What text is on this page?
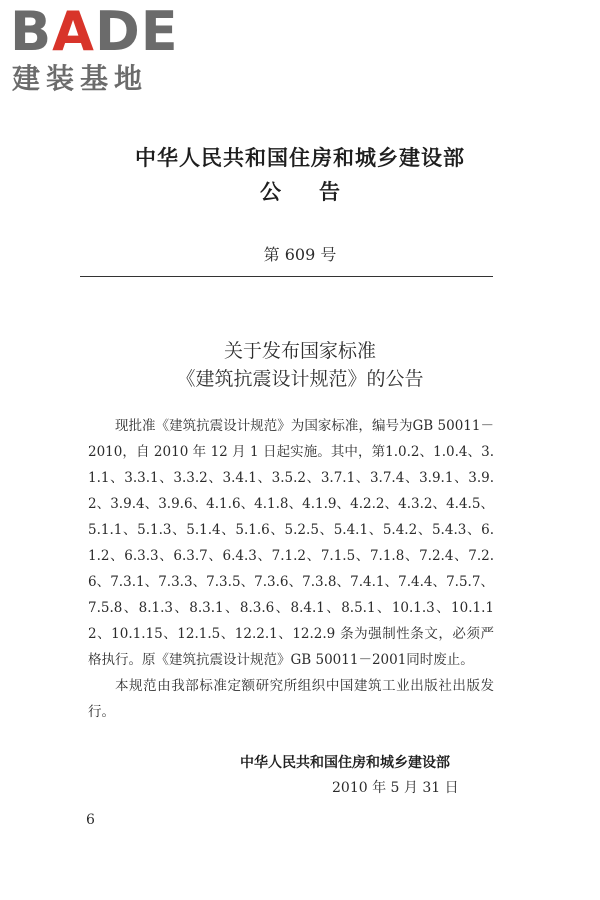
BADE
建装基地
中华人民共和国住房和城乡建设部
公告
第 609 号
关于发布国家标准
《建筑抗震设计规范》的公告

现批准《建筑抗震设计规范》为国家标准，编号为GB 50011－2010，自 2010 年 12 月 1 日起实施。其中，第1.0.2、1.0.4、3.1.1、3.3.1、3.3.2、3.4.1、3.5.2、3.7.1、3.7.4、3.9.1、3.9.2、3.9.4、3.9.6、4.1.6、4.1.8、4.1.9、4.2.2、4.3.2、4.4.5、5.1.1、5.1.3、5.1.4、5.1.6、5.2.5、5.4.1、5.4.2、5.4.3、6.1.2、6.3.3、6.3.7、6.4.3、7.1.2、7.1.5、7.1.8、7.2.4、7.2.6、7.3.1、7.3.3、7.3.5、7.3.6、7.3.8、7.4.1、7.4.4、7.5.7、7.5.8、8.1.3、8.3.1、8.3.6、8.4.1、8.5.1、10.1.3、10.1.12、10.1.15、12.1.5、12.2.1、12.2.9 条为强制性条文，必须严格执行。原《建筑抗震设计规范》GB 50011－2001同时废止。

本规范由我部标准定额研究所组织中国建筑工业出版社出版发行。

中华人民共和国住房和城乡建设部
2010 年 5 月 31 日
6
